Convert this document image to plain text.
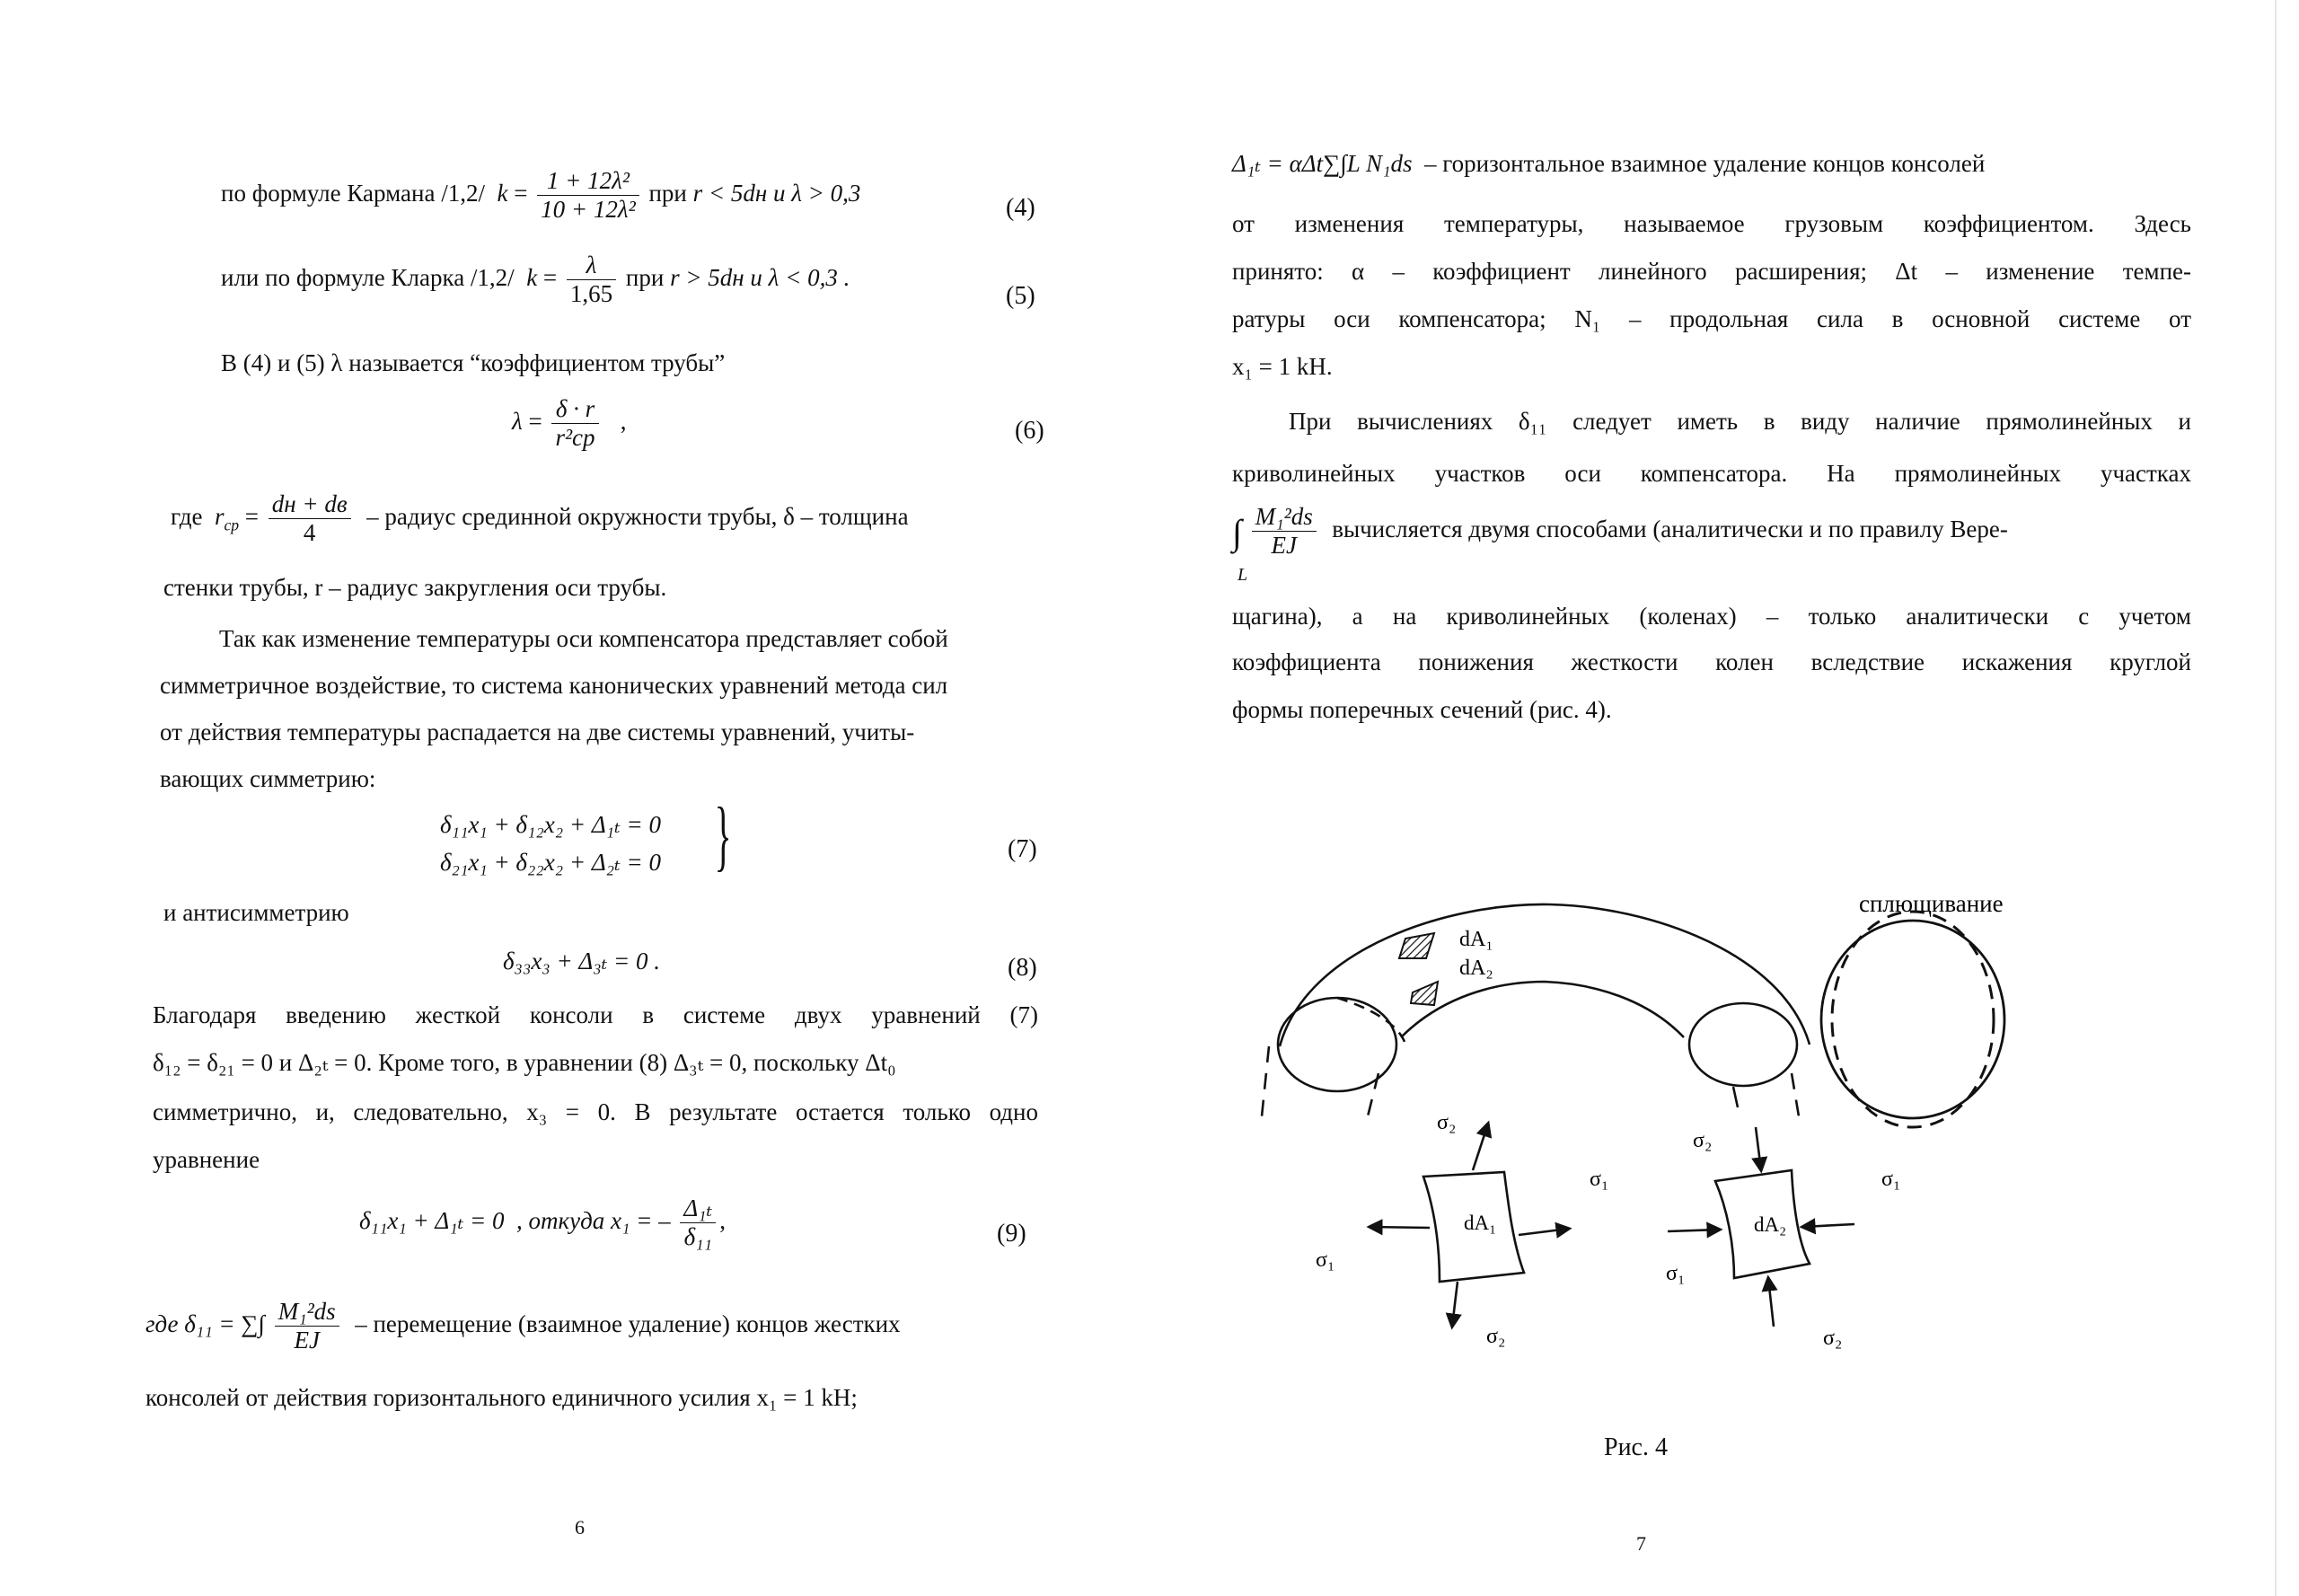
по формуле Кармана /1,2/ $k = \frac{\text{1 + 12λ²}}{\text{10 + 12λ²}}$ при r < 5dн и λ > 0,3
(4)
или по формуле Кларка /1,2/ $k = \frac{\lambda}{1,65}$ при r > 5dн и λ < 0,3 .
(5)
В (4) и (5) λ называется “коэффициентом трубы”
$\lambda = \frac{\delta \cdot r}{\text{r²ср}}$ ,	(6)
где  $r_{ср} = \frac{dн + dв}{4}$ – радиус срединной окружности трубы, δ – толщина
стенки трубы, r – радиус закругления оси трубы.
Так как изменение температуры оси компенсатора представляет собой
симметричное воздействие, то система канонических уравнений метода сил
от действия температуры распадается на две системы уравнений, учиты-
вающих симметрию:
δ₁₁x₁ + δ₁₂x₂ + Δ₁ₜ = 0
δ₂₁x₁ + δ₂₂x₂ + Δ₂ₜ = 0 }	(7)
и антисимметрию
δ₃₃x₃ + Δ₃ₜ = 0 .	(8)
Благодаря введению жесткой консоли в системе двух уравнений (7)
δ₁₂ = δ₂₁ = 0 и Δ₂ₜ = 0. Кроме того, в уравнении (8) Δ₃ₜ = 0, поскольку Δt₀
симметрично, и, следовательно, x₃ = 0. В результате остается только одно
уравнение
δ₁₁x₁ + Δ₁ₜ = 0 , откуда x₁ = – $\frac{\text{Δ₁ₜ}}{\text{δ₁₁}}$ ,	(9)
где δ₁₁ = ∑∫ $\frac{\text{M₁²ds}}{EJ}$ – перемещение (взаимное удаление) концов жестких
консолей от действия горизонтального единичного усилия x₁ = 1 kH;
6
Δ₁ₜ = αΔt∑∫L N₁ds – горизонтальное взаимное удаление концов консолей
от изменения температуры, называемое грузовым коэффициентом. Здесь
принято: α – коэффициент линейного расширения; Δt – изменение темпе-
ратуры оси компенсатора; N₁ – продольная сила в основной системе от
x₁ = 1 kH.
При вычислениях δ₁₁ следует иметь в виду наличие прямолинейных и
криволинейных участков оси компенсатора. На прямолинейных участках
∫ $\frac{\text{M₁²ds}}{EJ}$ вычисляется двумя способами (аналитически и по правилу Вере-
L
щагина), а на криволинейных (коленах) – только аналитически с учетом
коэффициента понижения жесткости колен вследствие искажения круглой
формы поперечных сечений (рис. 4).
Рис. 4
7
dA₁
dA₂
сплющивание
dA₁
σ₂
σ₁
σ₁
σ₂
dA₂
σ₂
σ₁
σ₁
σ₂
